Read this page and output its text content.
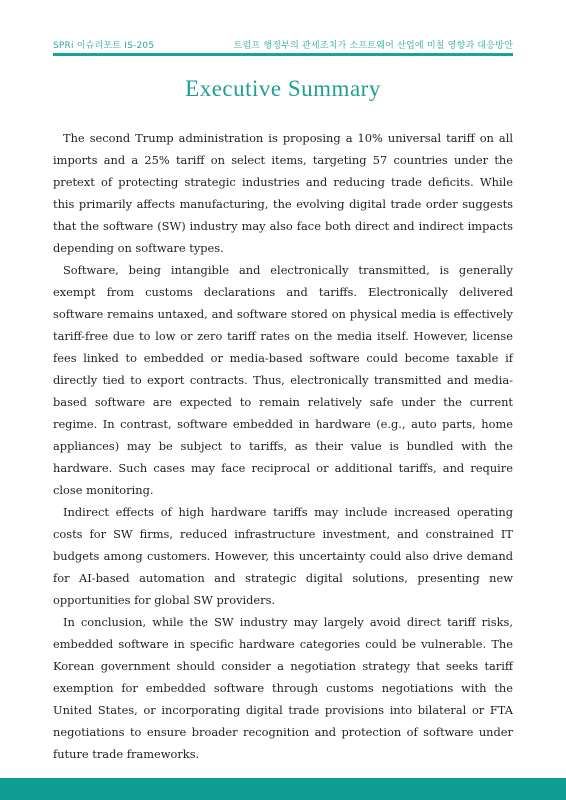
SPRi 이슈리포트 IS-205	트럼프 행정부의 관세조치가 소프트웨어 산업에 미칠 영향과 대응방안
Executive Summary

The second Trump administration is proposing a 10% universal tariff on all imports and a 25% tariff on select items, targeting 57 countries under the pretext of protecting strategic industries and reducing trade deficits. While this primarily affects manufacturing, the evolving digital trade order suggests that the software (SW) industry may also face both direct and indirect impacts depending on software types.

Software, being intangible and electronically transmitted, is generally exempt from customs declarations and tariffs. Electronically delivered software remains untaxed, and software stored on physical media is effectively tariff-free due to low or zero tariff rates on the media itself. However, license fees linked to embedded or media-based software could become taxable if directly tied to export contracts. Thus, electronically transmitted and media-based software are expected to remain relatively safe under the current regime. In contrast, software embedded in hardware (e.g., auto parts, home appliances) may be subject to tariffs, as their value is bundled with the hardware. Such cases may face reciprocal or additional tariffs, and require close monitoring.

Indirect effects of high hardware tariffs may include increased operating costs for SW firms, reduced infrastructure investment, and constrained IT budgets among customers. However, this uncertainty could also drive demand for AI-based automation and strategic digital solutions, presenting new opportunities for global SW providers.

In conclusion, while the SW industry may largely avoid direct tariff risks, embedded software in specific hardware categories could be vulnerable. The Korean government should consider a negotiation strategy that seeks tariff exemption for embedded software through customs negotiations with the United States, or incorporating digital trade provisions into bilateral or FTA negotiations to ensure broader recognition and protection of software under future trade frameworks.
